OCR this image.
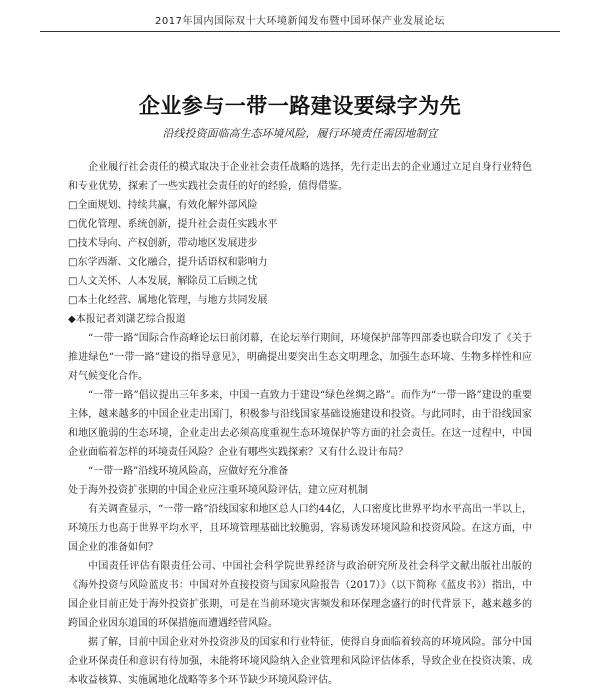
2017年国内国际双十大环境新闻发布暨中国环保产业发展论坛
企业参与一带一路建设要绿字为先
沿线投资面临高生态环境风险，履行环境责任需因地制宜

企业履行社会责任的模式取决于企业社会责任战略的选择，先行走出去的企业通过立足自身行业特色和专业优势，探索了一些实践社会责任的好的经验，值得借鉴。

□全面规划、持续共赢，有效化解外部风险

□优化管理、系统创新，提升社会责任实践水平

□技术导向、产权创新，带动地区发展进步

□东学西渐、文化融合，提升话语权和影响力

□人文关怀、人本发展，解除员工后顾之忧

□本土化经营、属地化管理，与地方共同发展

◆本报记者刘潇艺综合报道

“一带一路”国际合作高峰论坛日前闭幕，在论坛举行期间，环境保护部等四部委也联合印发了《关于推进绿色“一带一路”建设的指导意见》，明确提出要突出生态文明理念，加强生态环境、生物多样性和应对气候变化合作。

“一带一路”倡议提出三年多来，中国一直致力于建设“绿色丝绸之路”。而作为“一带一路”建设的重要主体，越来越多的中国企业走出国门，积极参与沿线国家基础设施建设和投资。与此同时，由于沿线国家和地区脆弱的生态环境，企业走出去必须高度重视生态环境保护等方面的社会责任。在这一过程中，中国企业面临着怎样的环境责任风险？企业有哪些实践探索？又有什么设计布局？

“一带一路”沿线环境风险高，应做好充分准备

处于海外投资扩张期的中国企业应注重环境风险评估，建立应对机制

有关调查显示，“一带一路”沿线国家和地区总人口约44亿，人口密度比世界平均水平高出一半以上，环境压力也高于世界平均水平，且环境管理基础比较脆弱，容易诱发环境风险和投资风险。在这方面，中国企业的准备如何？

中国责任评估有限责任公司、中国社会科学院世界经济与政治研究所及社会科学文献出版社出版的《海外投资与风险蓝皮书：中国对外直接投资与国家风险报告（2017）》（以下简称《蓝皮书》）指出，中国企业目前正处于海外投资扩张期，可是在当前环境灾害频发和环保理念盛行的时代背景下，越来越多的跨国企业因东道国的环保措施而遭遇经营风险。

据了解，目前中国企业对外投资涉及的国家和行业特征，使得自身面临着较高的环境风险。部分中国企业环保责任和意识有待加强，未能将环境风险纳入企业管理和风险评估体系，导致企业在投资决策、成本收益核算、实施属地化战略等多个环节缺少环境风险评估。
